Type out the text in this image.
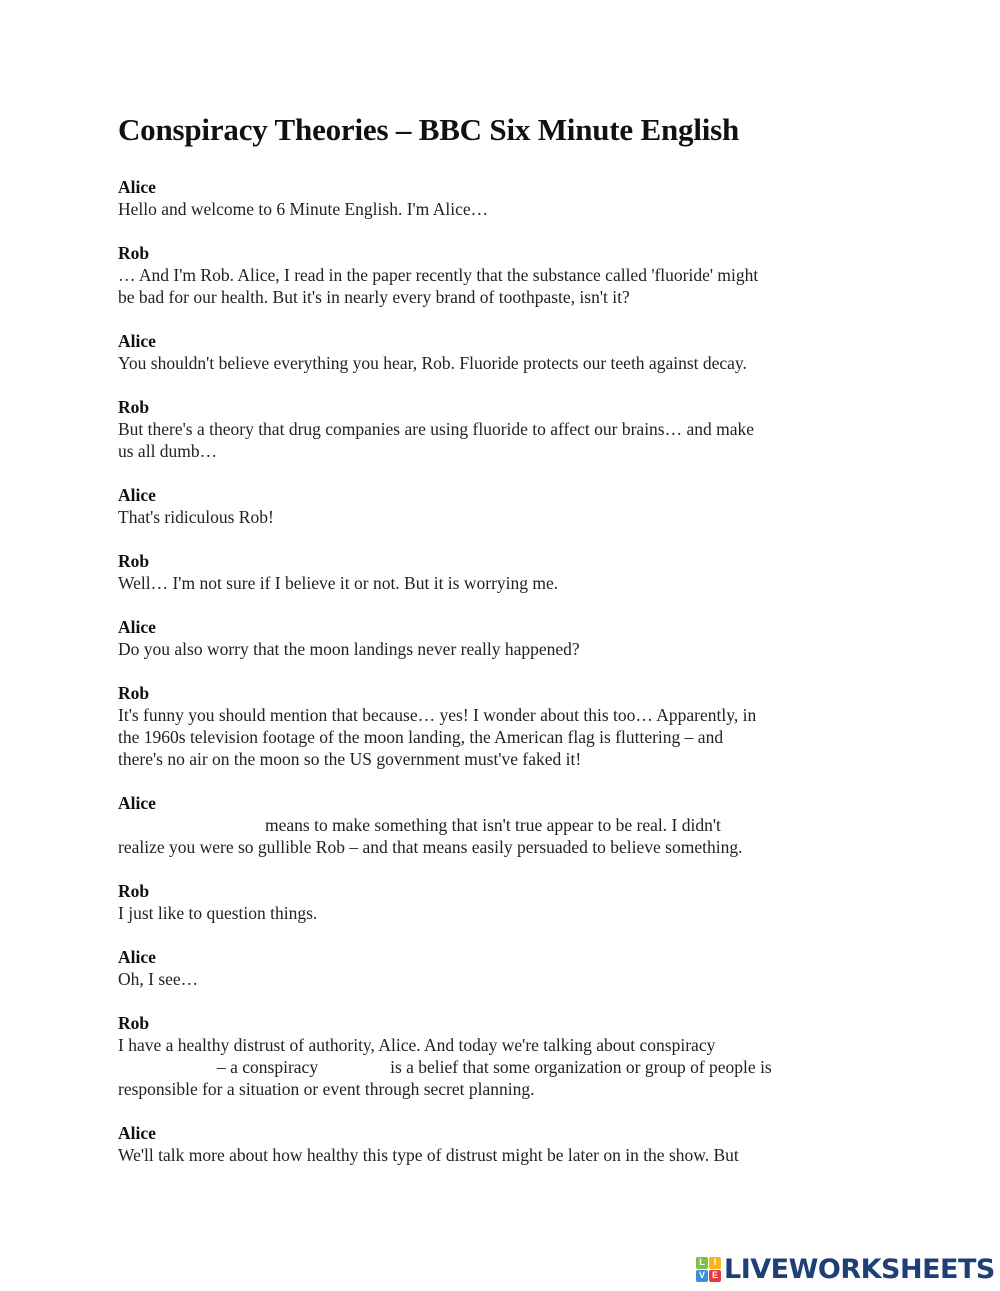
Conspiracy Theories – BBC Six Minute English
Alice
Hello and welcome to 6 Minute English. I'm Alice…
Rob
… And I'm Rob. Alice, I read in the paper recently that the substance called 'fluoride' might
be bad for our health. But it's in nearly every brand of toothpaste, isn't it?
Alice
You shouldn't believe everything you hear, Rob. Fluoride protects our teeth against decay.
Rob
But there's a theory that drug companies are using fluoride to affect our brains… and make
us all dumb…
Alice
That's ridiculous Rob!
Rob
Well… I'm not sure if I believe it or not. But it is worrying me.
Alice
Do you also worry that the moon landings never really happened?
Rob
It's funny you should mention that because… yes! I wonder about this too… Apparently, in
the 1960s television footage of the moon landing, the American flag is fluttering – and
there's no air on the moon so the US government must've faked it!
Alice
means to make something that isn't true appear to be real. I didn't
realize you were so gullible Rob – and that means easily persuaded to believe something.
Rob
I just like to question things.
Alice
Oh, I see…
Rob
I have a healthy distrust of authority, Alice. And today we're talking about conspiracy
– a conspiracy	is a belief that some organization or group of people is
responsible for a situation or event through secret planning.
Alice
We'll talk more about how healthy this type of distrust might be later on in the show. But
L I
V E LIVEWORKSHEETS
